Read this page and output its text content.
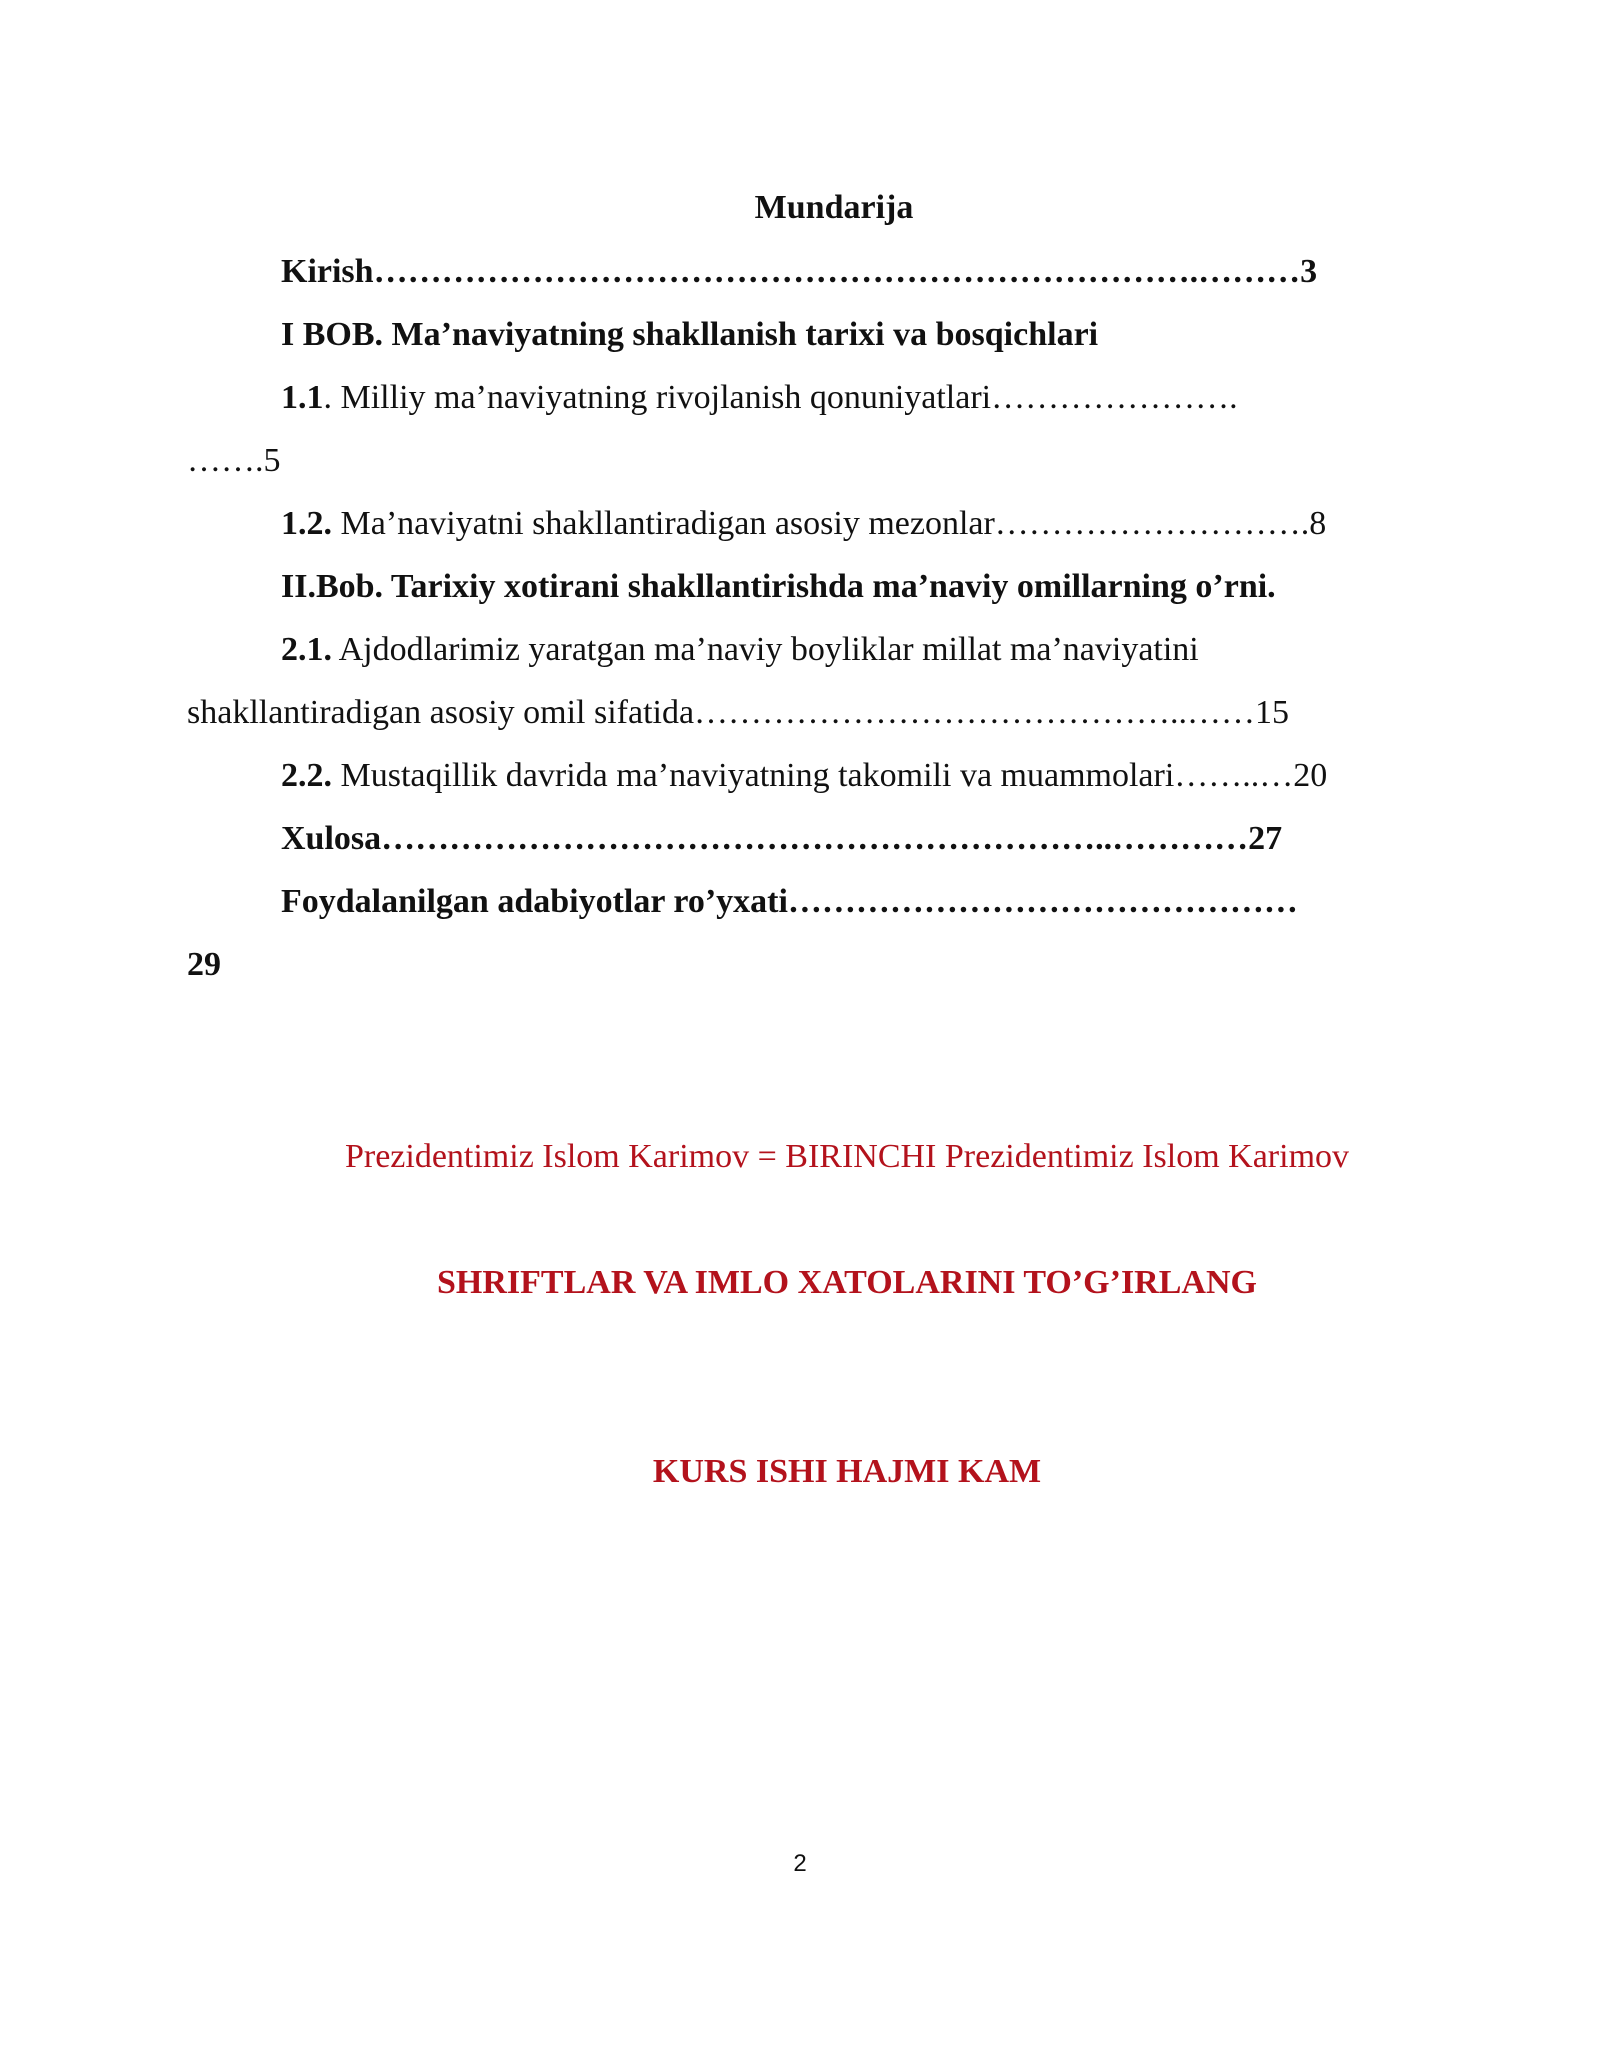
Mundarija
Kirish……………………………………………………………….………3
I BOB. Ma’naviyatning shakllanish tarixi va bosqichlari
1.1. Milliy ma’naviyatning rivojlanish qonuniyatlari………………….
…….5
1.2. Ma’naviyatni shakllantiradigan asosiy mezonlar……………………….8
II.Bob. Tarixiy xotirani shakllantirishda ma’naviy omillarning o’rni.
2.1. Ajdodlarimiz yaratgan ma’naviy boyliklar millat ma’naviyatini
shakllantiradigan asosiy omil sifatida……………………………………..……15
2.2. Mustaqillik davrida ma’naviyatning takomili va muammolari……..…20
Xulosa………………………………………………………..…………27
Foydalanilgan adabiyotlar ro’yxati………………………………………
29
Prezidentimiz Islom Karimov = BIRINCHI Prezidentimiz Islom Karimov
SHRIFTLAR VA IMLO XATOLARINI TO’G’IRLANG
KURS ISHI HAJMI KAM
2
